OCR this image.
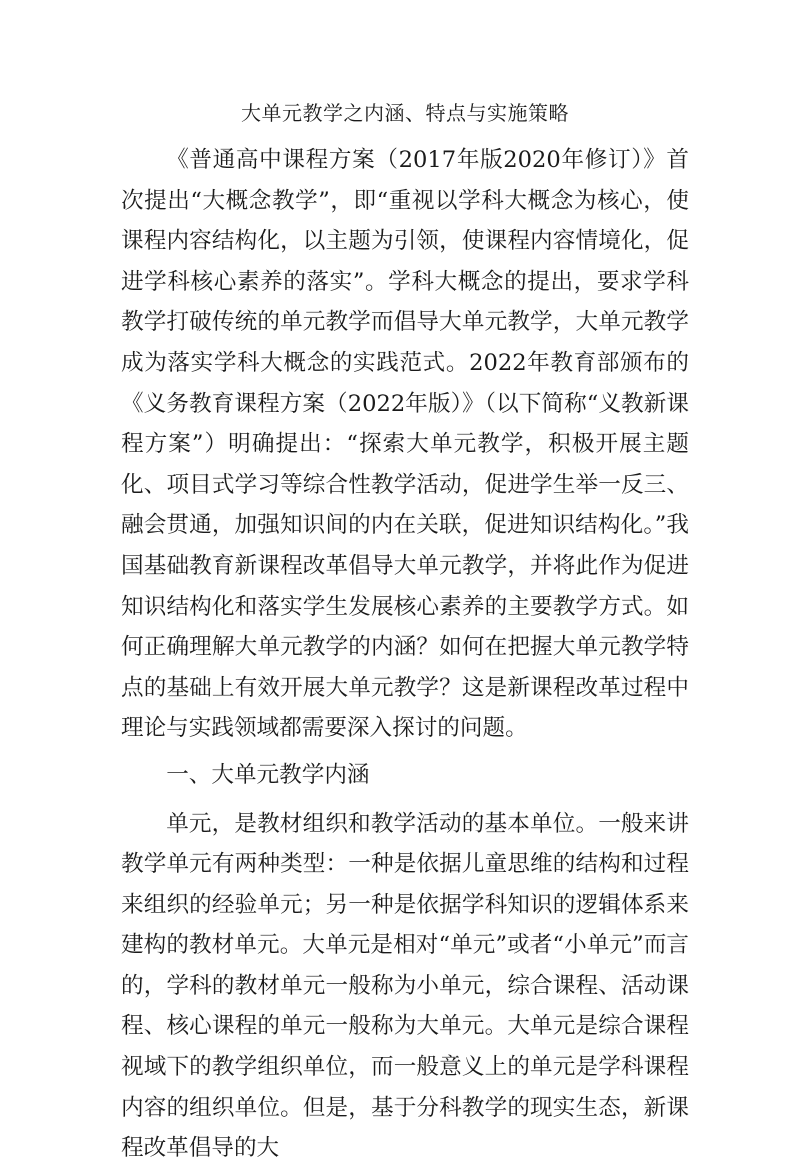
大单元教学之内涵、特点与实施策略

《普通高中课程方案（2017年版2020年修订）》首次提出“大概念教学”，即“重视以学科大概念为核心，使课程内容结构化，以主题为引领，使课程内容情境化，促进学科核心素养的落实”。学科大概念的提出，要求学科教学打破传统的单元教学而倡导大单元教学，大单元教学成为落实学科大概念的实践范式。2022年教育部颁布的《义务教育课程方案（2022年版）》（以下简称“义教新课程方案”）明确提出：“探索大单元教学，积极开展主题化、项目式学习等综合性教学活动，促进学生举一反三、融会贯通，加强知识间的内在关联，促进知识结构化。”我国基础教育新课程改革倡导大单元教学，并将此作为促进知识结构化和落实学生发展核心素养的主要教学方式。如何正确理解大单元教学的内涵？如何在把握大单元教学特点的基础上有效开展大单元教学？这是新课程改革过程中理论与实践领域都需要深入探讨的问题。

一、大单元教学内涵

单元，是教材组织和教学活动的基本单位。一般来讲教学单元有两种类型：一种是依据儿童思维的结构和过程来组织的经验单元；另一种是依据学科知识的逻辑体系来建构的教材单元。大单元是相对“单元”或者“小单元”而言的，学科的教材单元一般称为小单元，综合课程、活动课程、核心课程的单元一般称为大单元。大单元是综合课程视域下的教学组织单位，而一般意义上的单元是学科课程内容的组织单位。但是，基于分科教学的现实生态，新课程改革倡导的大
